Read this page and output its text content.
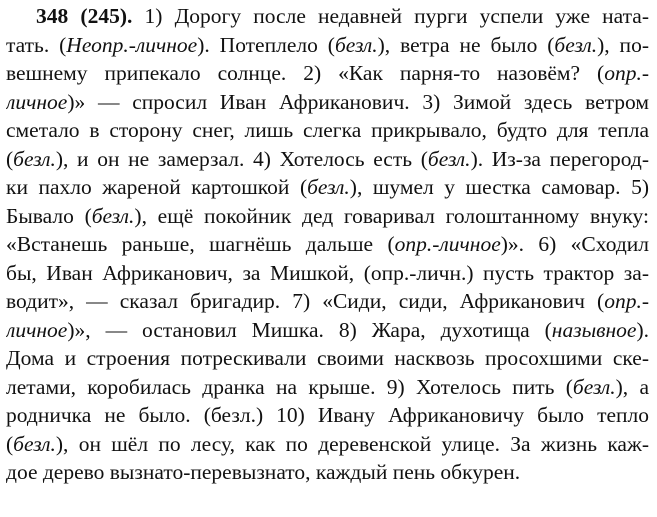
348 (245). 1) Дорогу после недавней пурги успели уже ната-
тать. (Неопр.-личное). Потеплело (безл.), ветра не было (безл.), по-
вешнему припекало солнце. 2) «Как парня-то назовём? (опр.-
личное)» — спросил Иван Африканович. 3) Зимой здесь ветром
сметало в сторону снег, лишь слегка прикрывало, будто для тепла
(безл.), и он не замерзал. 4) Хотелось есть (безл.). Из-за перегород-
ки пахло жареной картошкой (безл.), шумел у шестка самовар. 5)
Бывало (безл.), ещё покойник дед говаривал голоштанному внуку:
«Встанешь раньше, шагнёшь дальше (опр.-личное)». 6) «Сходил
бы, Иван Африканович, за Мишкой, (опр.-личн.) пусть трактор за-
водит», — сказал бригадир. 7) «Сиди, сиди, Африканович (опр.-
личное)», — остановил Мишка. 8) Жара, духотища (назывное).
Дома и строения потрескивали своими насквозь просохшими ске-
летами, коробилась дранка на крыше. 9) Хотелось пить (безл.), а
родничка не было. (безл.) 10) Ивану Африкановичу было тепло
(безл.), он шёл по лесу, как по деревенской улице. За жизнь каж-
дое дерево вызнато-перевызнато, каждый пень обкурен.
